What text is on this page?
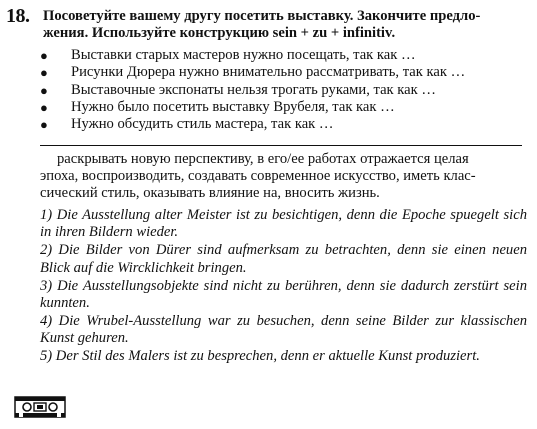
18. Посоветуйте вашему другу посетить выставку. Закончите предло-
жения. Используйте конструкцию sein + zu + infinitiv.
● Выставки старых мастеров нужно посещать, так как …
● Рисунки Дюрера нужно внимательно рассматривать, так как …
● Выставочные экспонаты нельзя трогать руками, так как …
● Нужно было посетить выставку Врубеля, так как …
● Нужно обсудить стиль мастера, так как …
раскрывать новую перспективу, в его/ее работах отражается целая
эпоха, воспроизводить, создавать современное искусство, иметь клас-
сический стиль, оказывать влияние на, вносить жизнь.

1) Die Ausstellung alter Meister ist zu besichtigen, denn die Epoche spuegelt sich in ihren Bildern wieder.

2) Die Bilder von Dürer sind aufmerksam zu betrachten, denn sie einen neuen Blick auf die Wircklichkeit bringen.

3) Die Ausstellungsobjekte sind nicht zu berühren, denn sie dadurch zerstürt sein kunnten.

4) Die Wrubel-Ausstellung war zu besuchen, denn seine Bilder zur klassischen Kunst gehuren.

5) Der Stil des Malers ist zu besprechen, denn er aktuelle Kunst produziert.
